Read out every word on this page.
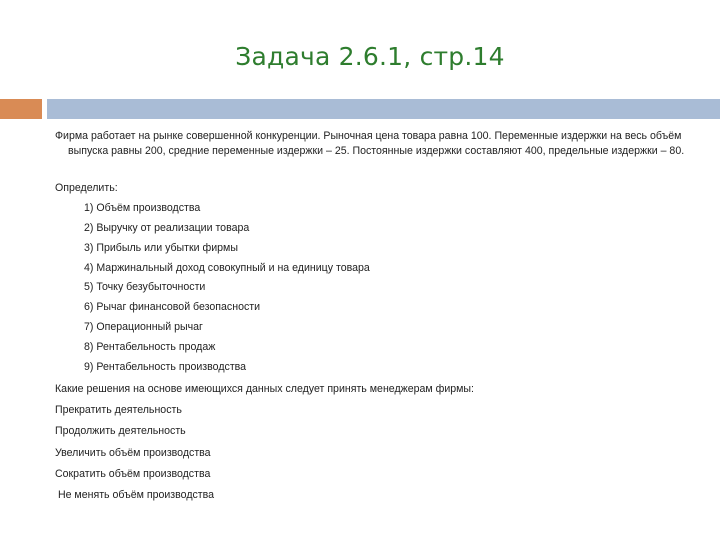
Задача 2.6.1, стр.14

Фирма работает на рынке совершенной конкуренции. Рыночная цена товара равна 100. Переменные издержки на весь объём выпуска равны 200, средние переменные издержки – 25. Постоянные издержки составляют 400, предельные издержки – 80.

Определить:
1) Объём производства
2) Выручку от реализации товара
3) Прибыль или убытки фирмы
4) Маржинальный доход совокупный и на единицу товара
5) Точку безубыточности
6) Рычаг финансовой безопасности
7) Операционный рычаг
8) Рентабельность продаж
9) Рентабельность производства
Какие решения на основе имеющихся данных следует принять менеджерам фирмы:
Прекратить деятельность
Продолжить деятельность
Увеличить объём производства
Сократить объём производства
Не менять объём производства
